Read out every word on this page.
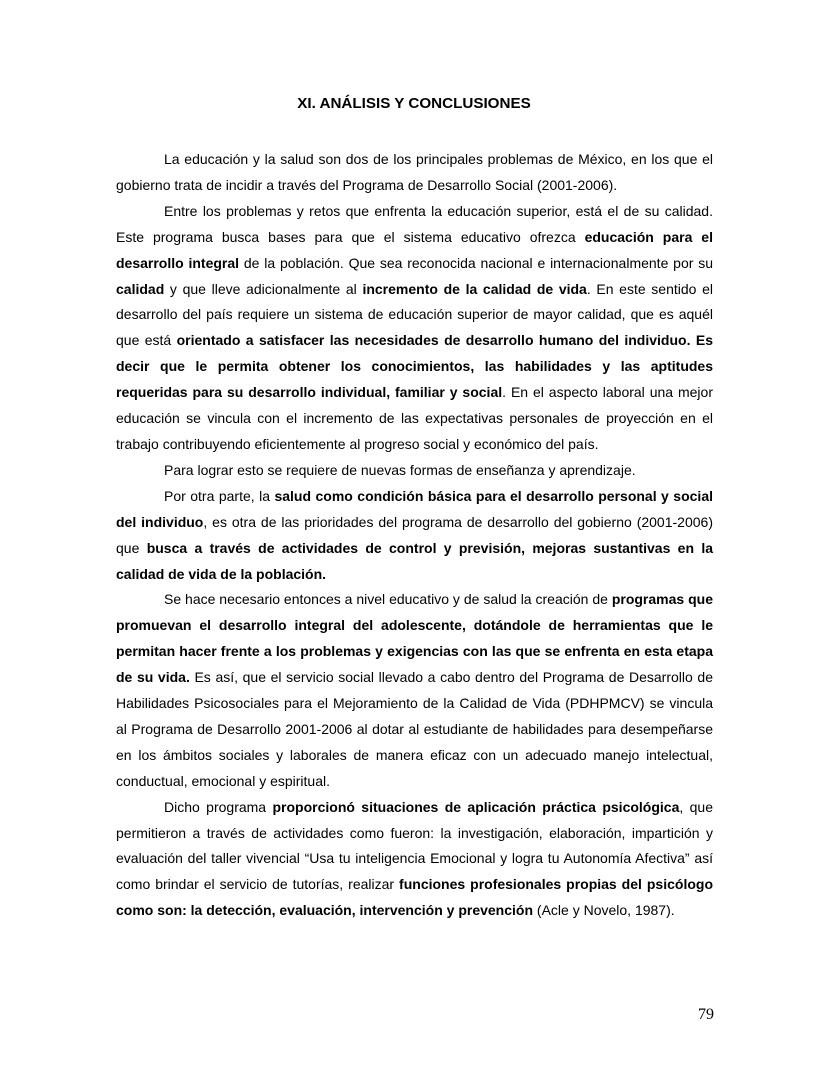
XI. ANÁLISIS Y CONCLUSIONES

La educación y la salud son dos de los principales problemas de México, en los que el gobierno trata de incidir a través del Programa de Desarrollo Social (2001-2006).

Entre los problemas y retos que enfrenta la educación superior, está el de su calidad. Este programa busca bases para que el sistema educativo ofrezca educación para el desarrollo integral de la población. Que sea reconocida nacional e internacionalmente por su calidad y que lleve adicionalmente al incremento de la calidad de vida. En este sentido el desarrollo del país requiere un sistema de educación superior de mayor calidad, que es aquél que está orientado a satisfacer las necesidades de desarrollo humano del individuo. Es decir que le permita obtener los conocimientos, las habilidades y las aptitudes requeridas para su desarrollo individual, familiar y social. En el aspecto laboral una mejor educación se vincula con el incremento de las expectativas personales de proyección en el trabajo contribuyendo eficientemente al progreso social y económico del país.

Para lograr esto se requiere de nuevas formas de enseñanza y aprendizaje.

Por otra parte, la salud como condición básica para el desarrollo personal y social del individuo, es otra de las prioridades del programa de desarrollo del gobierno (2001-2006) que busca a través de actividades de control y previsión, mejoras sustantivas en la calidad de vida de la población.

Se hace necesario entonces a nivel educativo y de salud la creación de programas que promuevan el desarrollo integral del adolescente, dotándole de herramientas que le permitan hacer frente a los problemas y exigencias con las que se enfrenta en esta etapa de su vida. Es así, que el servicio social llevado a cabo dentro del Programa de Desarrollo de Habilidades Psicosociales para el Mejoramiento de la Calidad de Vida (PDHPMCV) se vincula al Programa de Desarrollo 2001-2006 al dotar al estudiante de habilidades para desempeñarse en los ámbitos sociales y laborales de manera eficaz con un adecuado manejo intelectual, conductual, emocional y espiritual.

Dicho programa proporcionó situaciones de aplicación práctica psicológica, que permitieron a través de actividades como fueron: la investigación, elaboración, impartición y evaluación del taller vivencial “Usa tu inteligencia Emocional y logra tu Autonomía Afectiva” así como brindar el servicio de tutorías, realizar funciones profesionales propias del psicólogo como son: la detección, evaluación, intervención y prevención (Acle y Novelo, 1987).

79
